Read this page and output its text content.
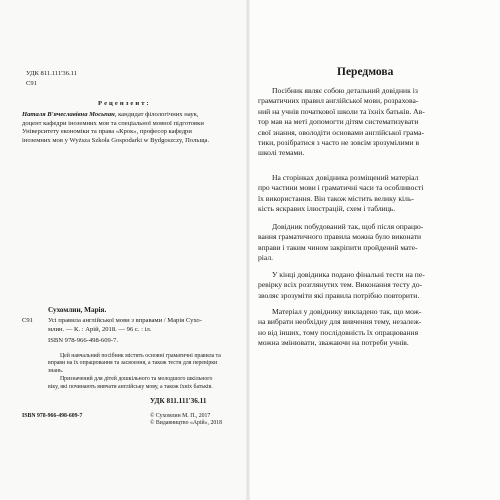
УДК 811.111'36.11
С91
Р е ц е н з е н т :
Наталя В'ячеславівна Мосьпан, кандидат філологічних наук,
доцент кафедри іноземних мов та спеціальної мовної підготовки
Університету економіки та права «Крок», професор кафедри
іноземних мов у Wyższa Szkoła Gospodarki w Bydgoszczy, Польща.
Сухомлин, Марія.
С91 Усі правила англійської мови з вправами / Марія Сухо-
млин. — К. : Арій, 2018. — 96 с. : іл.
ISBN 978-966-498-609-7.
Цей навчальний посібник містить основні граматичні правила та
вправи на їх опрацювання та засвоєння, а також тести для перевірки
знань.
Призначений для дітей дошкільного та молодшого шкільного
віку, які починають вивчати англійську мову, а також їхніх батьків.
УДК 811.111'36.11
ISBN 978-966-498-609-7	© Сухомлин М. П., 2017
© Видавництво «Арій», 2018
Передмова
Посібник являє собою детальний довідник із
граматичних правил англійської мови, розрахова-
ний на учнів початкової школи та їхніх батьків. Ав-
тор мав на меті допомогти дітям систематизувати
свої знання, оволодіти основами англійської грама-
тики, розібратися з часто не зовсім зрозумілими в
школі темами.
На сторінках довідника розміщений матеріал
про частини мови і граматичні часи та особливості
їх використання. Він також містить велику кіль-
кість яскравих ілюстрацій, схем і таблиць.
Довідник побудований так, щоб після опрацю-
вання граматичного правила можна було виконати
вправи і таким чином закріпити пройдений мате-
ріал.
У кінці довідника подано фінальні тести на пе-
ревірку всіх розглянутих тем. Виконання тесту до-
зволяє зрозуміти які правила потрібно повторити.
Матеріал у довіднику викладено так, що мож-
на вибрати необхідну для вивчення тему, незалеж-
но від інших, тому послідовність їх опрацювання
можна змінювати, зважаючи на потреби учнів.
